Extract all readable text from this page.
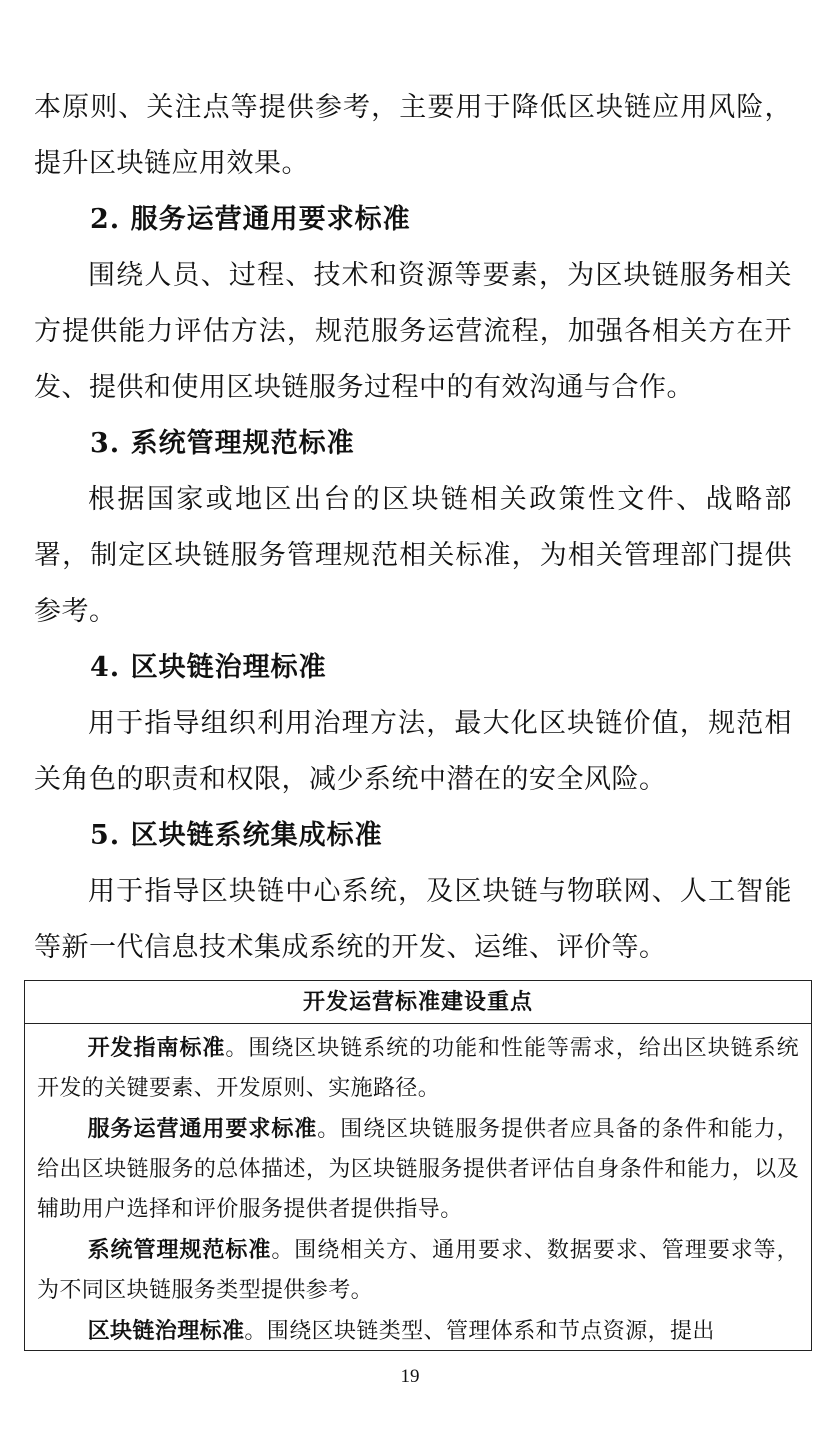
本原则、关注点等提供参考，主要用于降低区块链应用风险，提升区块链应用效果。

2. 服务运营通用要求标准

围绕人员、过程、技术和资源等要素，为区块链服务相关方提供能力评估方法，规范服务运营流程，加强各相关方在开发、提供和使用区块链服务过程中的有效沟通与合作。

3. 系统管理规范标准

根据国家或地区出台的区块链相关政策性文件、战略部署，制定区块链服务管理规范相关标准，为相关管理部门提供参考。

4. 区块链治理标准

用于指导组织利用治理方法，最大化区块链价值，规范相关角色的职责和权限，减少系统中潜在的安全风险。

5. 区块链系统集成标准

用于指导区块链中心系统，及区块链与物联网、人工智能等新一代信息技术集成系统的开发、运维、评价等。

开发运营标准建设重点

开发指南标准。围绕区块链系统的功能和性能等需求，给出区块链系统开发的关键要素、开发原则、实施路径。

服务运营通用要求标准。围绕区块链服务提供者应具备的条件和能力，给出区块链服务的总体描述，为区块链服务提供者评估自身条件和能力，以及辅助用户选择和评价服务提供者提供指导。

系统管理规范标准。围绕相关方、通用要求、数据要求、管理要求等，为不同区块链服务类型提供参考。

区块链治理标准。围绕区块链类型、管理体系和节点资源，提出

19
